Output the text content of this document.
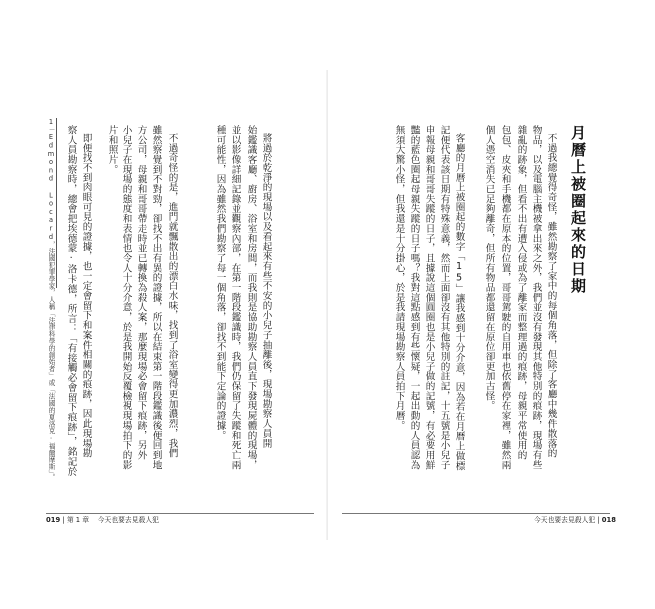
1－Edmond Locard，法國犯罪學家，人稱「法律科學的創始者」或「法國的夏洛克‧福爾摩斯」。 察人員勘察時，總會把埃德蒙‧洛卡德，所言：「有接觸必會留下痕跡」，銘記於 即便找不到肉眼可見的證據，也一定會留下和案件相關的痕跡，因此現場勘 片和照片。 小兒子在現場的態度和表情也令人十分介意，於是我開始反覆檢視現場拍下的影 方公司，母親和哥哥帶走時並已轉換為殺人案，那麼現場必會留下痕跡，另外 雖然察覺到不對勁，卻找不出有異的證據，所以在結束第一階段鑑識後便回到地 不過奇怪的是，進門就飄散出的漂白水味，找到了浴室變得更加濃烈，我們	種可能性，因為雖然我們勘察了每一個角落，卻找不到能下定論的證據。 並以影像詳細記錄並觀察內部，在第一階段鑑識時，我們仍保留了失蹤和死亡兩 始鑑識客廳、廚房、浴室和房間，而我則是協助勘察人員直下發現屍體的現場， 將過於乾淨的現場以及看起來有些不安的小兒子抽離後，現場勘察人員開

019 | 第 1 章 今天也要去見殺人犯

無須大驚小怪，但我還是十分掛心，於是我請現場勘察人員拍下月曆。 豔的藍色圈起母親失蹤的日子嗎？我對這點感到有些懷疑，一起出動的人員認為 申報母親和哥哥失蹤的日子，且據說這個圓圈也是小兒子做的記號，有必要用鮮 記便代表該日期有特殊意義，然而上面卻沒有其他特別的註記，十五號是小兒子 客廳的月曆上被圈起的數字「15」讓我感到十分介意，因為若在月曆上做標 個人憑空消失已足夠離奇，但所有物品都還留在原位卻更加古怪。 包包、皮夾和手機都在原本的位置，哥哥駕駛的自用車也依舊停在家裡，雖然兩 雜亂的跡象，但看不出有遭入侵或為了離家而整理過的痕跡，母親平常使用的 物品，以及電腦主機被拿出來之外，我們並沒有發現其他特別的痕跡，現場有些 不過我總覺得奇怪，雖然勘察了家中的每個角落，但除了客廳中幾件散落的 月曆上被圈起來的日期
今天也要去見殺人犯 | 018
